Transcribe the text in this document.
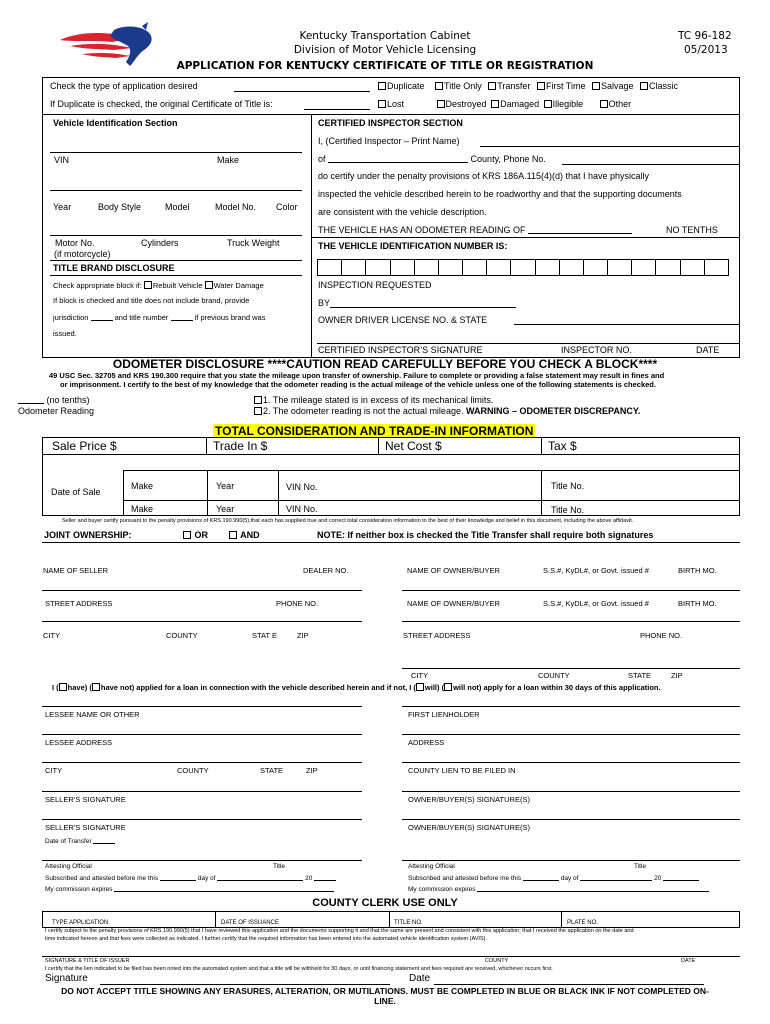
Kentucky Transportation Cabinet
Division of Motor Vehicle Licensing
TC 96-182
05/2013
APPLICATION FOR KENTUCKY CERTIFICATE OF TITLE OR REGISTRATION
Check the type of application desired	Duplicate Title Only Transfer First Time Salvage Classic
If Duplicate is checked, the original Certificate of Title is:	Lost	Destroyed Damaged Illegible	Other
Vehicle Identification Section
VIN	Make
Year	Body Style	Model	Model No. Color
Motor No.
(if motorcycle)
Cylinders	Truck Weight
TITLE BRAND DISCLOSURE
Check appropriate block if: Rebuilt Vehicle Water Damage
If block is checked and title does not include brand, provide
jurisdiction	and title number	if previous brand was
issued.
CERTIFIED INSPECTOR SECTION
I, (Certified Inspector – Print Name)
of	County, Phone No.
do certify under the penalty provisions of KRS 186A.115(4)(d) that I have physically
inspected the vehicle described herein to be roadworthy and that the supporting documents
are consistent with the vehicle description.
THE VEHICLE HAS AN ODOMETER READING OF	NO TENTHS
THE VEHICLE IDENTIFICATION NUMBER IS:
INSPECTION REQUESTED
BY
OWNER DRIVER LICENSE NO. & STATE
CERTIFIED INSPECTOR’S SIGNATURE	INSPECTOR NO.	DATE
ODOMETER DISCLOSURE ****CAUTION READ CAREFULLY BEFORE YOU CHECK A BLOCK****
49 USC Sec. 32705 and KRS 190.300 require that you state the mileage upon transfer of ownership. Failure to complete or providing a false statement may result in fines and
or imprisonment. I certify to the best of my knowledge that the odometer reading is the actual mileage of the vehicle unless one of the following statements is checked.
(no tenths)
Odometer Reading
1. The mileage stated is in excess of its mechanical limits.
2. The odometer reading is not the actual mileage. WARNING – ODOMETER DISCREPANCY.
TOTAL CONSIDERATION AND TRADE-IN INFORMATION
Sale Price $	Trade In $	Net Cost $	Tax $
Date of Sale
Make	Year	VIN No.	Title No.
Make	Year	VIN No.	Title No.
Seller and buyer certify pursuant to the penalty provisions of KRS 190.990(5),that each has supplied true and correct total consideration information to the best of their knowledge and belief in this document, including the above affidavit.
JOINT OWNERSHIP:	OR	AND	NOTE: If neither box is checked the Title Transfer shall require both signatures
NAME OF SELLER	DEALER NO.	NAME OF OWNER/BUYER	S.S.#, KyDL#, or Govt. issued #	BIRTH MO.
STREET ADDRESS	PHONE NO.	NAME OF OWNER/BUYER	S.S.#, KyDL#, or Govt. issued #	BIRTH MO.
CITY	COUNTY	STAT E	ZIP	STREET ADDRESS	PHONE NO.
CITY	COUNTY	STATE	ZIP
I ( have) ( have not) applied for a loan in connection with the vehicle described herein and if not, I ( will) ( will not) apply for a loan within 30 days of this application.
LESSEE NAME OR OTHER	FIRST LIENHOLDER
LESSEE ADDRESS	ADDRESS
CITY	COUNTY	STATE	ZIP	COUNTY LIEN TO BE FILED IN
SELLER’S SIGNATURE	OWNER/BUYER(S) SIGNATURE(S)
SELLER’S SIGNATURE	OWNER/BUYER(S) SIGNATURE(S)
Date of Transfer
Attesting Official	Title	Attesting Official	Title
Subscribed and attested before me this	day of	20	Subscribed and attested before me this	day of	20
My commission expires	My commission expires
COUNTY CLERK USE ONLY
TYPE APPLICATION	DATE OF ISSUANCE	TITLE NO.	PLATE NO.
I certify subject to the penalty provisions of KRS 190.990(5) that I have reviewed this application and the documents supporting it and that the same are present and consistent with this application; that I received the application on the date and
time indicated hereon and that fees were collected as indicated. I further certify that the required information has been entered into the automated vehicle identification system (AVIS).
SIGNATURE & TITLE OF ISSUER	COUNTY	DATE
I certify that the lien indicated to be filed has been noted into the automated system and that a title will be withheld for 30 days, or until financing statement and fees required are received, whichever occurs first.
Signature	Date
DO NOT ACCEPT TITLE SHOWING ANY ERASURES, ALTERATION, OR MUTILATIONS. MUST BE COMPLETED IN BLUE OR BLACK INK IF NOT COMPLETED ON-
LINE.
